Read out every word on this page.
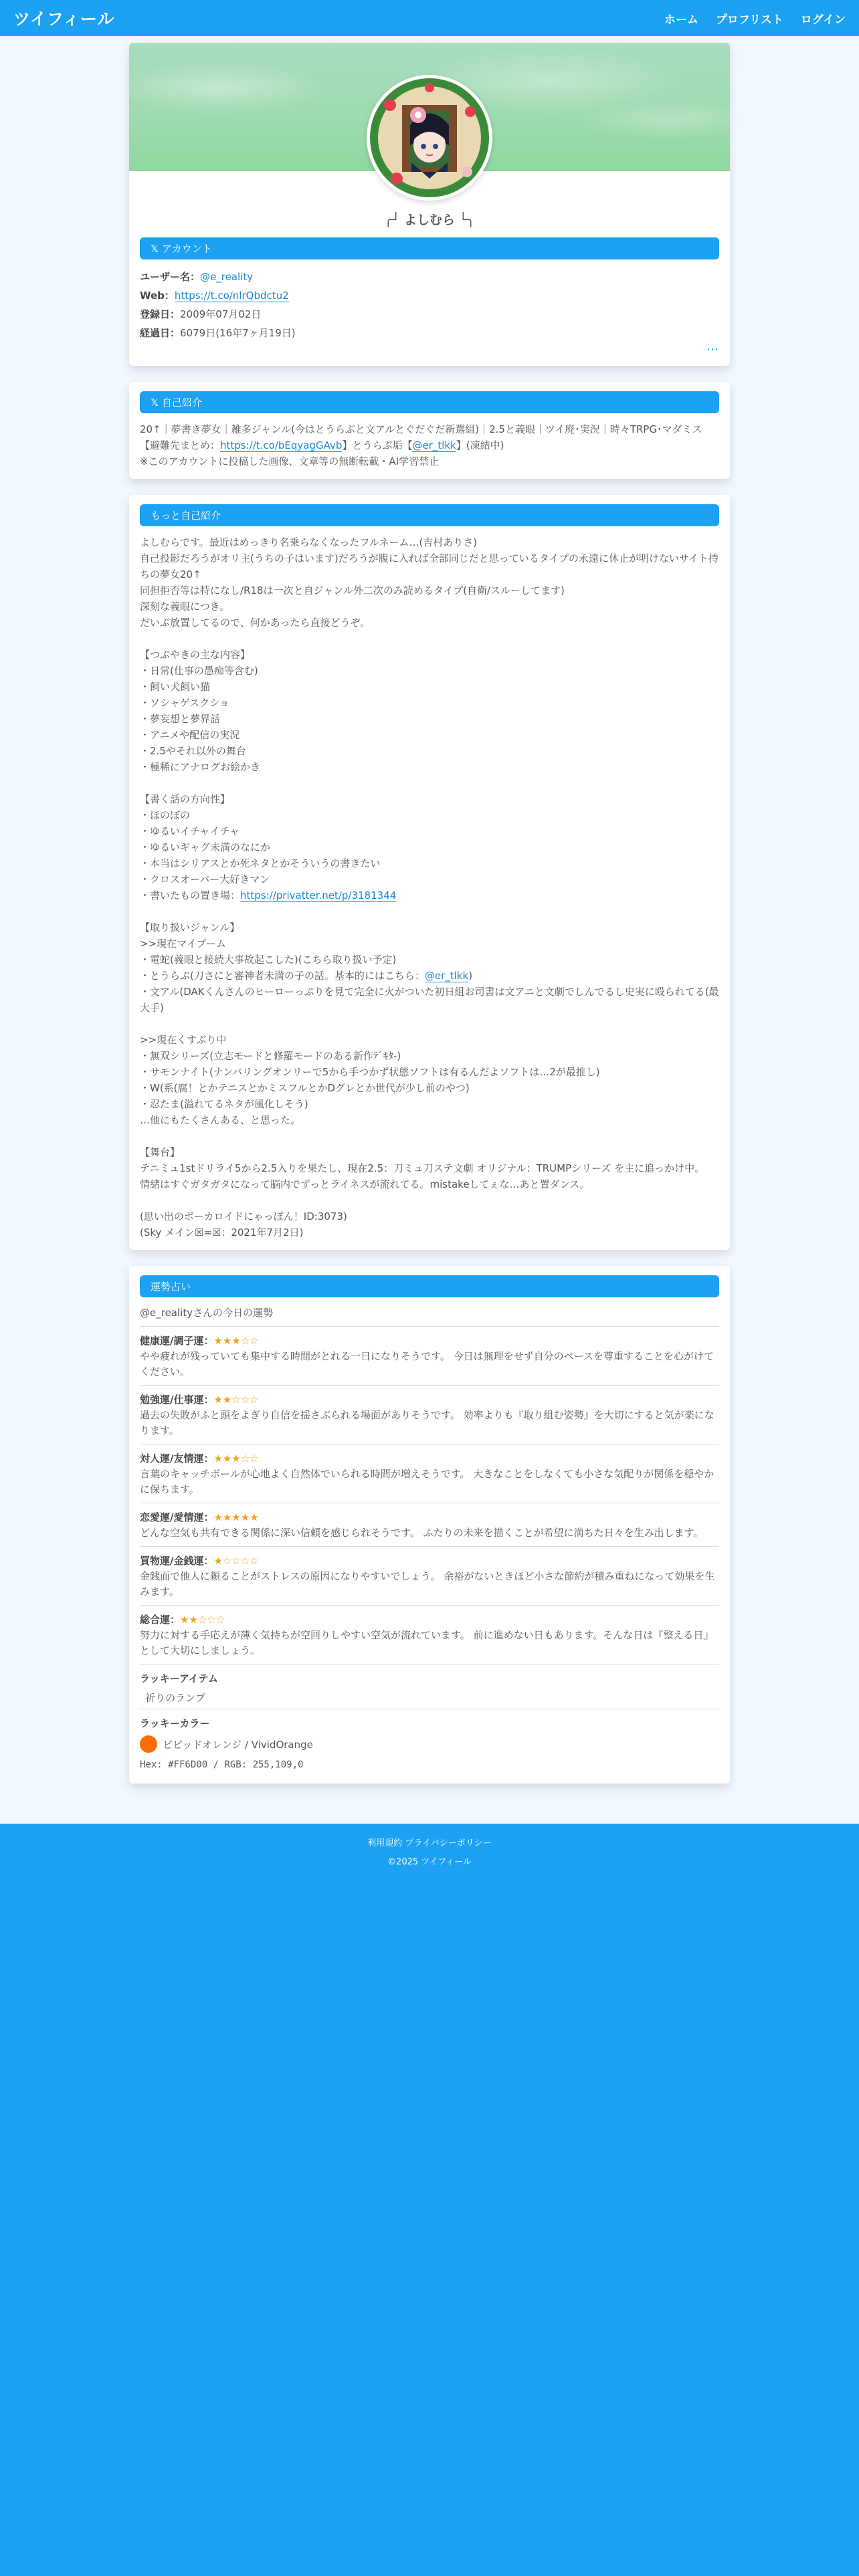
ツイフィール	ホーム プロフリスト ログイン
╭┘ よしむら └╮
𝕏 アカウント
ユーザー名：@e_reality
Web：https://t.co/nlrQbdctu2
登録日：2009年07月02日
経過日：6079日(16年7ヶ月19日)
⋯
𝕏 自己紹介
20↑｜夢書き夢女｜雑多ジャンル(今はとうらぶと文アルとぐだぐだ新選組)｜2.5と義眼｜ツイ廃･実況｜時々TRPG･マダミス
【避難先まとめ：https://t.co/bEqyagGAvb】とうらぶ垢【@er_tlkk】(凍結中)
※このアカウントに投稿した画像、文章等の無断転載・AI学習禁止
もっと自己紹介
よしむらです。最近はめっきり名乗らなくなったフルネーム…(吉村ありさ)
自己投影だろうがオリ主(うちの子はいます)だろうが腹に入れば全部同じだと思っているタイプの永遠に休止が明けないサイト持ちの夢女20↑
同担拒否等は特になし/R18は一次と自ジャンル外二次のみ読めるタイプ(自衛/スルーしてます)
深刻な義眼につき。
だいぶ放置してるので、何かあったら直接どうぞ。

【つぶやきの主な内容】
・日常(仕事の愚痴等含む)
・飼い犬飼い猫
・ソシャゲスクショ
・夢妄想と夢界話
・アニメや配信の実況
・2.5やそれ以外の舞台
・極稀にアナログお絵かき

【書く話の方向性】
・ほのぼの
・ゆるいイチャイチャ
・ゆるいギャグ未満のなにか
・本当はシリアスとか死ネタとかそういうの書きたい
・クロスオーバー大好きマン
・書いたもの置き場：https://privatter.net/p/3181344

【取り扱いジャンル】
>>現在マイブーム
・電蛇(義眼と接続大事故起こした)(こちら取り扱い予定)
・とうらぶ(刀さにと審神者未満の子の話。基本的にはこちら：@er_tlkk)
・文アル(DAKくんさんのヒーローっぷりを見て完全に火がついた初日組お司書は文アニと文劇でしんでるし史実に殴られてる(最大手)

>>現在くすぶり中
・無双シリーズ(立志モードと修羅モードのある新作ﾃﾞｷﾀ-)
・サモンナイト(ナンバリングオンリーで5から手つかず状態ソフトは有るんだよソフトは…2が最推し)
・W(系(腐！とかテニスとかミスフルとかDグレとか世代が少し前のやつ)
・忍たま(溢れてるネタが風化しそう)
…他にもたくさんある、と思った。

【舞台】
テニミュ1stドリライ5から2.5入りを果たし、現在2.5：刀ミュ刀ステ文劇 オリジナル：TRUMPシリーズ を主に追っかけ中。
情緒はすぐガタガタになって脳内でずっとライネスが流れてる。mistakeしてぇな…あと置ダンス。

(思い出のボーカロイドにゃっぽん！ID:3073)
(Sky メイン☒=☒：2021年7月2日)
運勢占い
@e_realityさんの今日の運勢
健康運/調子運：★★★☆☆
やや疲れが残っていても集中する時間がとれる一日になりそうです。 今日は無理をせず自分のペースを尊重することを心がけてください。
勉強運/仕事運：★★☆☆☆
過去の失敗がふと頭をよぎり自信を揺さぶられる場面がありそうです。 効率よりも『取り組む姿勢』を大切にすると気が楽になります。
対人運/友情運：★★★☆☆
言葉のキャッチボールが心地よく自然体でいられる時間が増えそうです。 大きなことをしなくても小さな気配りが関係を穏やかに保ちます。
恋愛運/愛情運：★★★★★
どんな空気も共有できる関係に深い信頼を感じられそうです。 ふたりの未来を描くことが希望に満ちた日々を生み出します。
買物運/金銭運：★☆☆☆☆
金銭面で他人に頼ることがストレスの原因になりやすいでしょう。 余裕がないときほど小さな節約が積み重ねになって効果を生みます。
総合運：★★☆☆☆
努力に対する手応えが薄く気持ちが空回りしやすい空気が流れています。 前に進めない日もあります。そんな日は『整える日』として大切にしましょう。
ラッキーアイテム
祈りのランプ
ラッキーカラー
ビビッドオレンジ / VividOrange
Hex: #FF6D00 / RGB: 255,109,0
利用規約 プライバシーポリシー
©2025 ツイフィール
